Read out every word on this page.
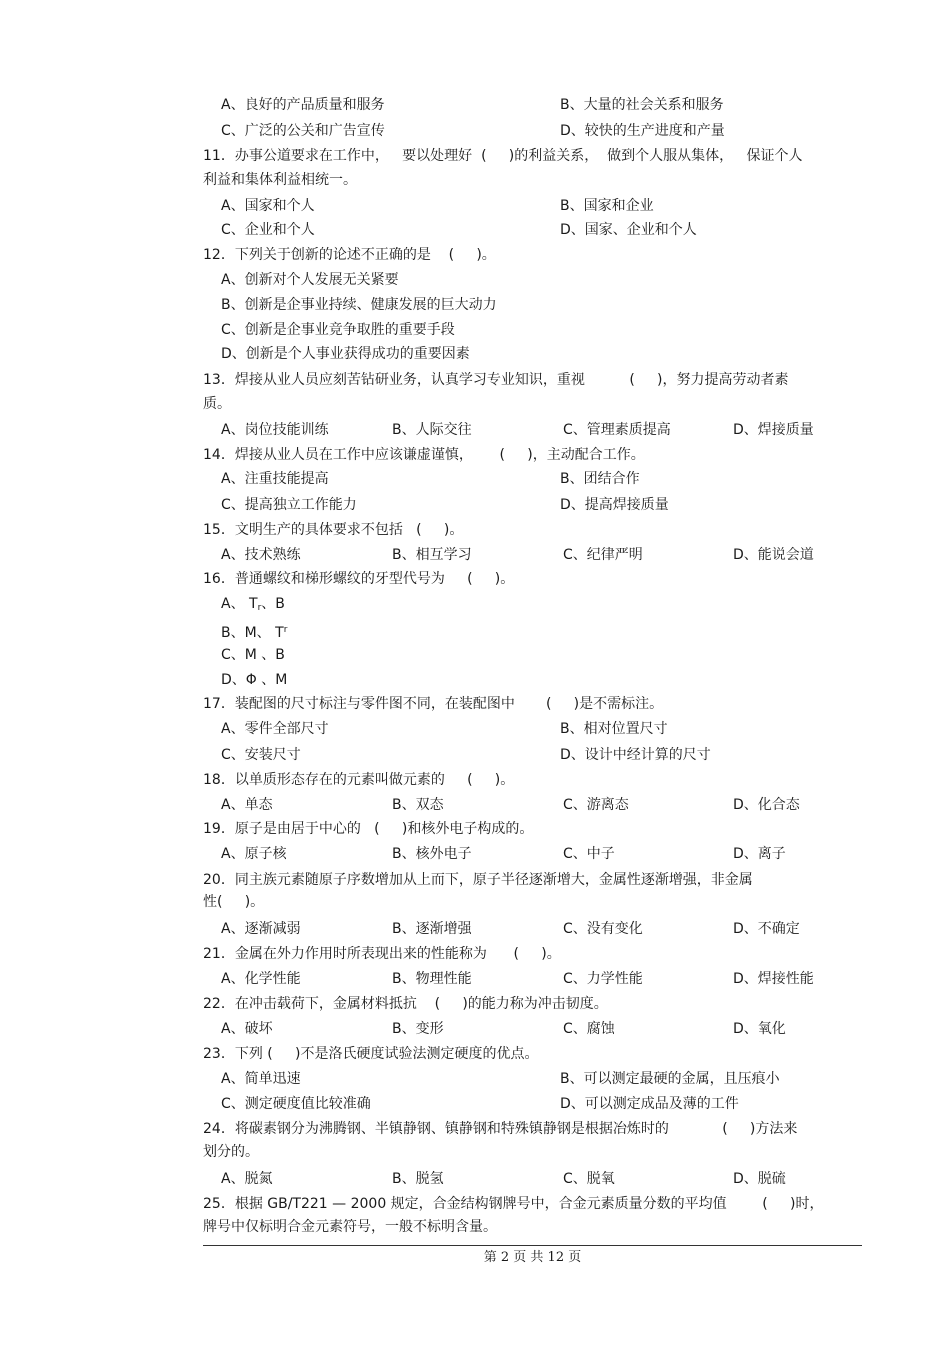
A、良好的产品质量和服务	B、大量的社会关系和服务
C、广泛的公关和广告宣传	D、较快的生产进度和产量
11．办事公道要求在工作中，   要以处理好  (     )的利益关系，  做到个人服从集体，   保证个人
利益和集体利益相统一。
A、国家和个人	B、国家和企业
C、企业和个人	D、国家、企业和个人
12．下列关于创新的论述不正确的是    (     )。
A、创新对个人发展无关紧要
B、创新是企事业持续、健康发展的巨大动力
C、创新是企事业竞争取胜的重要手段
D、创新是个人事业获得成功的重要因素
13．焊接从业人员应刻苦钻研业务，认真学习专业知识，重视          (     )，努力提高劳动者素
质。
A、岗位技能训练	B、人际交往	C、管理素质提高	D、焊接质量
14．焊接从业人员在工作中应该谦虚谨慎，      (     )，主动配合工作。
A、注重技能提高	B、团结合作
C、提高独立工作能力	D、提高焊接质量
15．文明生产的具体要求不包括   (     )。
A、技术熟练	B、相互学习	C、纪律严明	D、能说会道
16．普通螺纹和梯形螺纹的牙型代号为     (     )。
A、 $T_r$、B
B、M、 $T^r$
C、M 、B
D、Φ 、M
17．装配图的尺寸标注与零件图不同，在装配图中       (     )是不需标注。
A、零件全部尺寸	B、相对位置尺寸
C、安装尺寸	D、设计中经计算的尺寸
18．以单质形态存在的元素叫做元素的     (     )。
A、单态	B、双态	C、游离态	D、化合态
19．原子是由居于中心的   (     )和核外电子构成的。
A、原子核	B、核外电子	C、中子	D、离子
20．同主族元素随原子序数增加从上而下，原子半径逐渐增大，金属性逐渐增强，非金属
性(     )。
A、逐渐减弱	B、逐渐增强	C、没有变化	D、不确定
21．金属在外力作用时所表现出来的性能称为      (     )。
A、化学性能	B、物理性能	C、力学性能	D、焊接性能
22．在冲击载荷下，金属材料抵抗    (     )的能力称为冲击韧度。
A、破坏	B、变形	C、腐蚀	D、氧化
23．下列 (     )不是洛氏硬度试验法测定硬度的优点。
A、简单迅速	B、可以测定最硬的金属，且压痕小
C、测定硬度值比较准确	D、可以测定成品及薄的工件
24．将碳素钢分为沸腾钢、半镇静钢、镇静钢和特殊镇静钢是根据冶炼时的            (     )方法来
划分的。
A、脱氮	B、脱氢	C、脱氧	D、脱硫
25．根据 GB/T221 — 2000 规定，合金结构钢牌号中，合金元素质量分数的平均值        (     )时，
牌号中仅标明合金元素符号，一般不标明含量。
第 2 页 共 12 页
